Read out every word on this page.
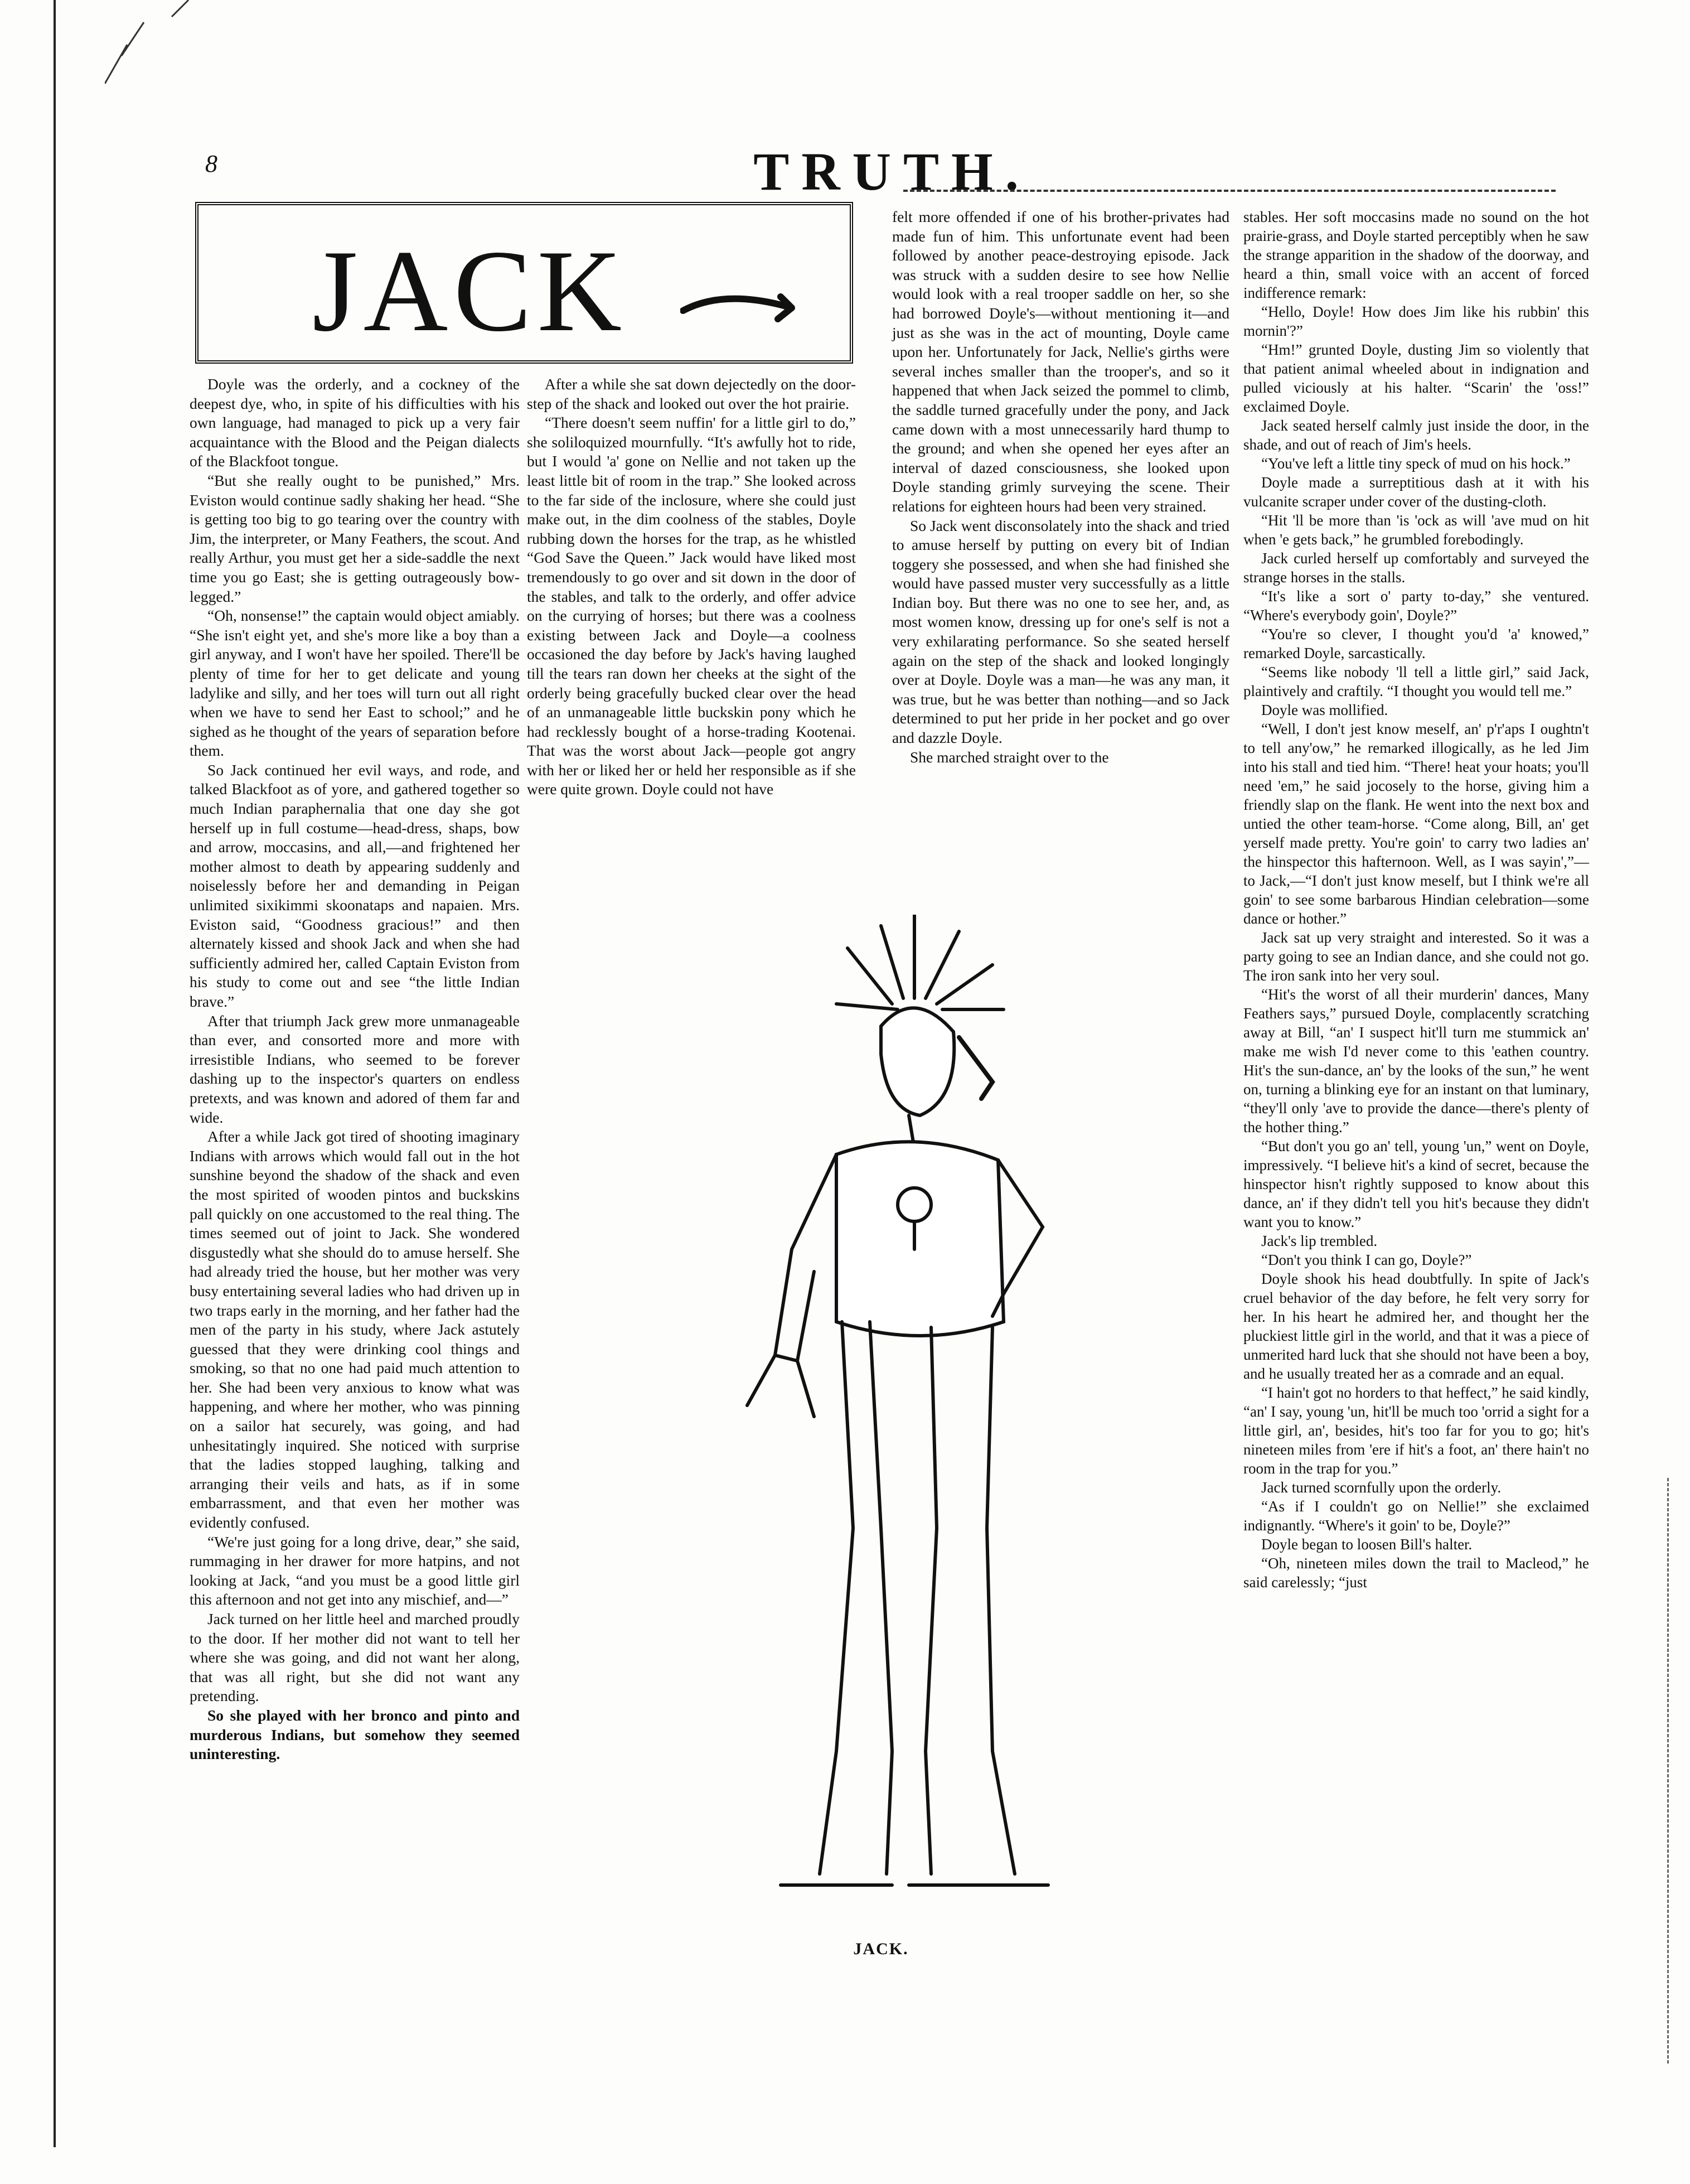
8	TRUTH.
JACK

Doyle was the orderly, and a cockney of the deepest dye, who, in spite of his difficulties with his own language, had managed to pick up a very fair acquaintance with the Blood and the Peigan dialects of the Blackfoot tongue.

“But she really ought to be punished,” Mrs. Eviston would continue sadly shaking her head. “She is getting too big to go tearing over the country with Jim, the interpreter, or Many Feathers, the scout. And really Arthur, you must get her a side-saddle the next time you go East; she is getting outrageously bow-legged.”

“Oh, nonsense!” the captain would object amiably. “She isn't eight yet, and she's more like a boy than a girl anyway, and I won't have her spoiled. There'll be plenty of time for her to get delicate and young ladylike and silly, and her toes will turn out all right when we have to send her East to school;” and he sighed as he thought of the years of separation before them.

So Jack continued her evil ways, and rode, and talked Blackfoot as of yore, and gathered together so much Indian paraphernalia that one day she got herself up in full costume—head-dress, shaps, bow and arrow, moccasins, and all,—and frightened her mother almost to death by appearing suddenly and noiselessly before her and demanding in Peigan unlimited sixikimmi skoonataps and napaien. Mrs. Eviston said, “Goodness gracious!” and then alternately kissed and shook Jack and when she had sufficiently admired her, called Captain Eviston from his study to come out and see “the little Indian brave.”

After that triumph Jack grew more unmanageable than ever, and consorted more and more with irresistible Indians, who seemed to be forever dashing up to the inspector's quarters on endless pretexts, and was known and adored of them far and wide.

After a while Jack got tired of shooting imaginary Indians with arrows which would fall out in the hot sunshine beyond the shadow of the shack and even the most spirited of wooden pintos and buckskins pall quickly on one accustomed to the real thing. The times seemed out of joint to Jack. She wondered disgustedly what she should do to amuse herself. She had already tried the house, but her mother was very busy entertaining several ladies who had driven up in two traps early in the morning, and her father had the men of the party in his study, where Jack astutely guessed that they were drinking cool things and smoking, so that no one had paid much attention to her. She had been very anxious to know what was happening, and where her mother, who was pinning on a sailor hat securely, was going, and had unhesitatingly inquired. She noticed with surprise that the ladies stopped laughing, talking and arranging their veils and hats, as if in some embarrassment, and that even her mother was evidently confused.

“We're just going for a long drive, dear,” she said, rummaging in her drawer for more hatpins, and not looking at Jack, “and you must be a good little girl this afternoon and not get into any mischief, and—”

Jack turned on her little heel and marched proudly to the door. If her mother did not want to tell her where she was going, and did not want her along, that was all right, but she did not want any pretending.

So she played with her bronco and pinto and murderous Indians, but somehow they seemed uninteresting.

After a while she sat down dejectedly on the door-step of the shack and looked out over the hot prairie.

“There doesn't seem nuffin' for a little girl to do,” she soliloquized mournfully. “It's awfully hot to ride, but I would 'a' gone on Nellie and not taken up the least little bit of room in the trap.” She looked across to the far side of the inclosure, where she could just make out, in the dim coolness of the stables, Doyle rubbing down the horses for the trap, as he whistled “God Save the Queen.” Jack would have liked most tremendously to go over and sit down in the door of the stables, and talk to the orderly, and offer advice on the currying of horses; but there was a coolness existing between Jack and Doyle—a coolness occasioned the day before by Jack's having laughed till the tears ran down her cheeks at the sight of the orderly being gracefully bucked clear over the head of an unmanageable little buckskin pony which he had recklessly bought of a horse-trading Kootenai. That was the worst about Jack—people got angry with her or liked her or held her responsible as if she were quite grown. Doyle could not have

felt more offended if one of his brother-privates had made fun of him. This unfortunate event had been followed by another peace-destroying episode. Jack was struck with a sudden desire to see how Nellie would look with a real trooper saddle on her, so she had borrowed Doyle's—without mentioning it—and just as she was in the act of mounting, Doyle came upon her. Unfortunately for Jack, Nellie's girths were several inches smaller than the trooper's, and so it happened that when Jack seized the pommel to climb, the saddle turned gracefully under the pony, and Jack came down with a most unnecessarily hard thump to the ground; and when she opened her eyes after an interval of dazed consciousness, she looked upon Doyle standing grimly surveying the scene. Their relations for eighteen hours had been very strained.

So Jack went disconsolately into the shack and tried to amuse herself by putting on every bit of Indian toggery she possessed, and when she had finished she would have passed muster very successfully as a little Indian boy. But there was no one to see her, and, as most women know, dressing up for one's self is not a very exhilarating performance. So she seated herself again on the step of the shack and looked longingly over at Doyle. Doyle was a man—he was any man, it was true, but he was better than nothing—and so Jack determined to put her pride in her pocket and go over and dazzle Doyle.

She marched straight over to the

stables. Her soft moccasins made no sound on the hot prairie-grass, and Doyle started perceptibly when he saw the strange apparition in the shadow of the doorway, and heard a thin, small voice with an accent of forced indifference remark:

“Hello, Doyle! How does Jim like his rubbin' this mornin'?”

“Hm!” grunted Doyle, dusting Jim so violently that that patient animal wheeled about in indignation and pulled viciously at his halter. “Scarin' the 'oss!” exclaimed Doyle.

Jack seated herself calmly just inside the door, in the shade, and out of reach of Jim's heels.

“You've left a little tiny speck of mud on his hock.”

Doyle made a surreptitious dash at it with his vulcanite scraper under cover of the dusting-cloth.

“Hit 'll be more than 'is 'ock as will 'ave mud on hit when 'e gets back,” he grumbled forebodingly.

Jack curled herself up comfortably and surveyed the strange horses in the stalls.

“It's like a sort o' party to-day,” she ventured. “Where's everybody goin', Doyle?”

“You're so clever, I thought you'd 'a' knowed,” remarked Doyle, sarcastically.

“Seems like nobody 'll tell a little girl,” said Jack, plaintively and craftily. “I thought you would tell me.”

Doyle was mollified.

“Well, I don't jest know meself, an' p'r'aps I oughtn't to tell any'ow,” he remarked illogically, as he led Jim into his stall and tied him. “There! heat your hoats; you'll need 'em,” he said jocosely to the horse, giving him a friendly slap on the flank. He went into the next box and untied the other team-horse. “Come along, Bill, an' get yerself made pretty. You're goin' to carry two ladies an' the hinspector this hafternoon. Well, as I was sayin',”—to Jack,—“I don't just know meself, but I think we're all goin' to see some barbarous Hindian celebration—some dance or hother.”

Jack sat up very straight and interested. So it was a party going to see an Indian dance, and she could not go. The iron sank into her very soul.

“Hit's the worst of all their murderin' dances, Many Feathers says,” pursued Doyle, complacently scratching away at Bill, “an' I suspect hit'll turn me stummick an' make me wish I'd never come to this 'eathen country. Hit's the sun-dance, an' by the looks of the sun,” he went on, turning a blinking eye for an instant on that luminary, “they'll only 'ave to provide the dance—there's plenty of the hother thing.”

“But don't you go an' tell, young 'un,” went on Doyle, impressively. “I believe hit's a kind of secret, because the hinspector hisn't rightly supposed to know about this dance, an' if they didn't tell you hit's because they didn't want you to know.”

Jack's lip trembled.

“Don't you think I can go, Doyle?”

Doyle shook his head doubtfully. In spite of Jack's cruel behavior of the day before, he felt very sorry for her. In his heart he admired her, and thought her the pluckiest little girl in the world, and that it was a piece of unmerited hard luck that she should not have been a boy, and he usually treated her as a comrade and an equal.

“I hain't got no horders to that heffect,” he said kindly, “an' I say, young 'un, hit'll be much too 'orrid a sight for a little girl, an', besides, hit's too far for you to go; hit's nineteen miles from 'ere if hit's a foot, an' there hain't no room in the trap for you.”

Jack turned scornfully upon the orderly.

“As if I couldn't go on Nellie!” she exclaimed indignantly. “Where's it goin' to be, Doyle?”

Doyle began to loosen Bill's halter.

“Oh, nineteen miles down the trail to Macleod,” he said carelessly; “just

JACK.
